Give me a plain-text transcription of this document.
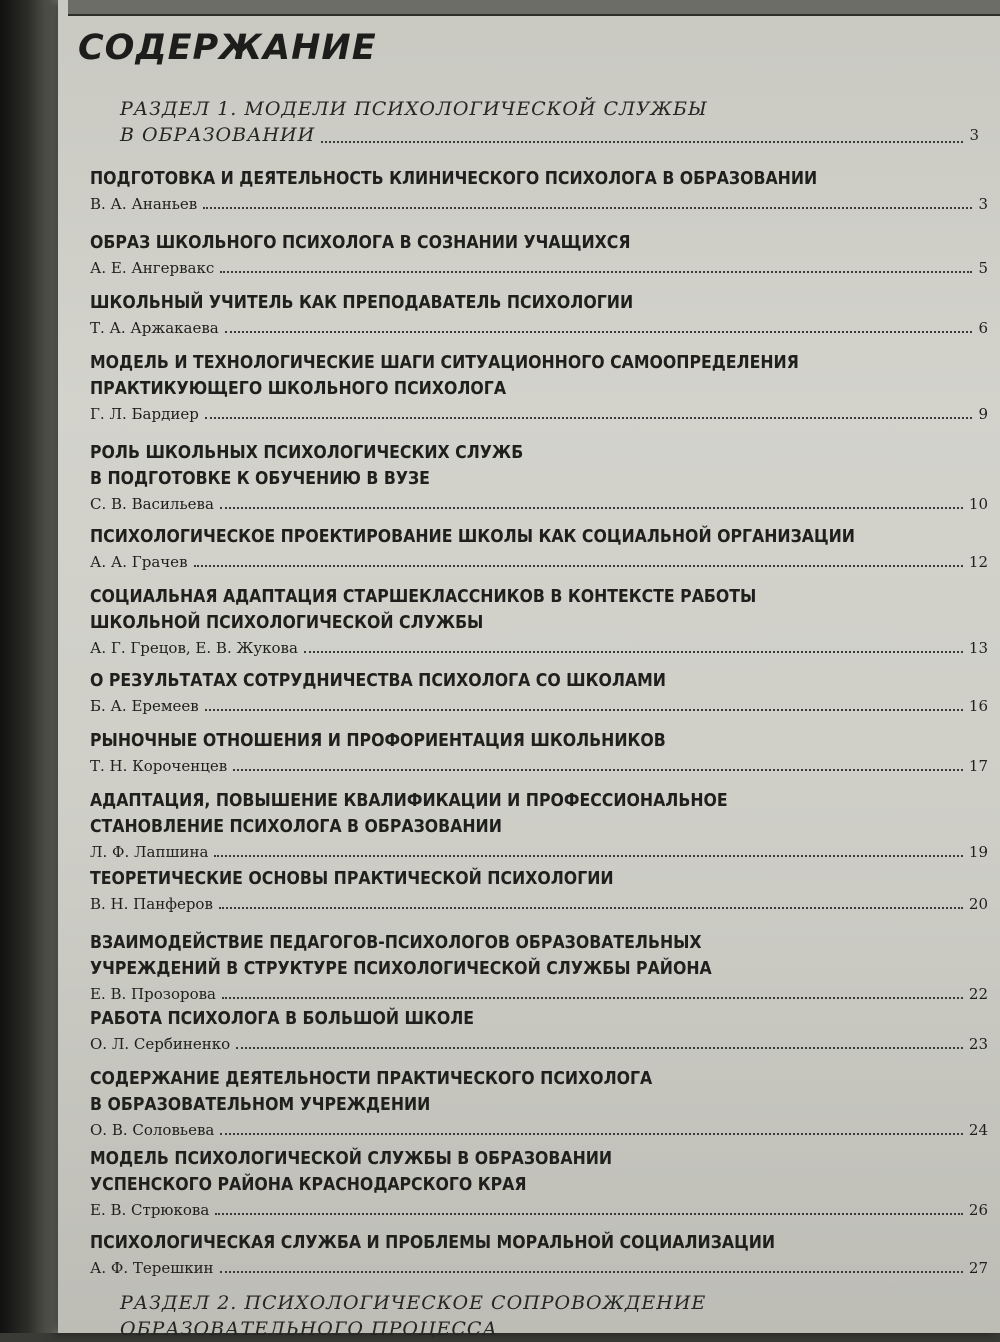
СОДЕРЖАНИЕ
РАЗДЕЛ 1. МОДЕЛИ ПСИХОЛОГИЧЕСКОЙ СЛУЖБЫ
В ОБРАЗОВАНИИ	3
ПОДГОТОВКА И ДЕЯТЕЛЬНОСТЬ КЛИНИЧЕСКОГО ПСИХОЛОГА В ОБРАЗОВАНИИ
В. А. Ананьев	3
ОБРАЗ ШКОЛЬНОГО ПСИХОЛОГА В СОЗНАНИИ УЧАЩИХСЯ
А. Е. Ангервакс	5
ШКОЛЬНЫЙ УЧИТЕЛЬ КАК ПРЕПОДАВАТЕЛЬ ПСИХОЛОГИИ
Т. А. Аржакаева	6
МОДЕЛЬ И ТЕХНОЛОГИЧЕСКИЕ ШАГИ СИТУАЦИОННОГО САМООПРЕДЕЛЕНИЯ
ПРАКТИКУЮЩЕГО ШКОЛЬНОГО ПСИХОЛОГА
Г. Л. Бардиер	9
РОЛЬ ШКОЛЬНЫХ ПСИХОЛОГИЧЕСКИХ СЛУЖБ
В ПОДГОТОВКЕ К ОБУЧЕНИЮ В ВУЗЕ
С. В. Васильева	10
ПСИХОЛОГИЧЕСКОЕ ПРОЕКТИРОВАНИЕ ШКОЛЫ КАК СОЦИАЛЬНОЙ ОРГАНИЗАЦИИ
А. А. Грачев	12
СОЦИАЛЬНАЯ АДАПТАЦИЯ СТАРШЕКЛАССНИКОВ В КОНТЕКСТЕ РАБОТЫ
ШКОЛЬНОЙ ПСИХОЛОГИЧЕСКОЙ СЛУЖБЫ
А. Г. Грецов, Е. В. Жукова	13
О РЕЗУЛЬТАТАХ СОТРУДНИЧЕСТВА ПСИХОЛОГА СО ШКОЛАМИ
Б. А. Еремеев	16
РЫНОЧНЫЕ ОТНОШЕНИЯ И ПРОФОРИЕНТАЦИЯ ШКОЛЬНИКОВ
Т. Н. Короченцев	17
АДАПТАЦИЯ, ПОВЫШЕНИЕ КВАЛИФИКАЦИИ И ПРОФЕССИОНАЛЬНОЕ
СТАНОВЛЕНИЕ ПСИХОЛОГА В ОБРАЗОВАНИИ
Л. Ф. Лапшина	19
ТЕОРЕТИЧЕСКИЕ ОСНОВЫ ПРАКТИЧЕСКОЙ ПСИХОЛОГИИ
В. Н. Панферов	20
ВЗАИМОДЕЙСТВИЕ ПЕДАГОГОВ-ПСИХОЛОГОВ ОБРАЗОВАТЕЛЬНЫХ
УЧРЕЖДЕНИЙ В СТРУКТУРЕ ПСИХОЛОГИЧЕСКОЙ СЛУЖБЫ РАЙОНА
Е. В. Прозорова	22
РАБОТА ПСИХОЛОГА В БОЛЬШОЙ ШКОЛЕ
О. Л. Сербиненко	23
СОДЕРЖАНИЕ ДЕЯТЕЛЬНОСТИ ПРАКТИЧЕСКОГО ПСИХОЛОГА
В ОБРАЗОВАТЕЛЬНОМ УЧРЕЖДЕНИИ
О. В. Соловьева	24
МОДЕЛЬ ПСИХОЛОГИЧЕСКОЙ СЛУЖБЫ В ОБРАЗОВАНИИ
УСПЕНСКОГО РАЙОНА КРАСНОДАРСКОГО КРАЯ
Е. В. Стрюкова	26
ПСИХОЛОГИЧЕСКАЯ СЛУЖБА И ПРОБЛЕМЫ МОРАЛЬНОЙ СОЦИАЛИЗАЦИИ
А. Ф. Терешкин	27
РАЗДЕЛ 2. ПСИХОЛОГИЧЕСКОЕ СОПРОВОЖДЕНИЕ
ОБРАЗОВАТЕЛЬНОГО ПРОЦЕССА
